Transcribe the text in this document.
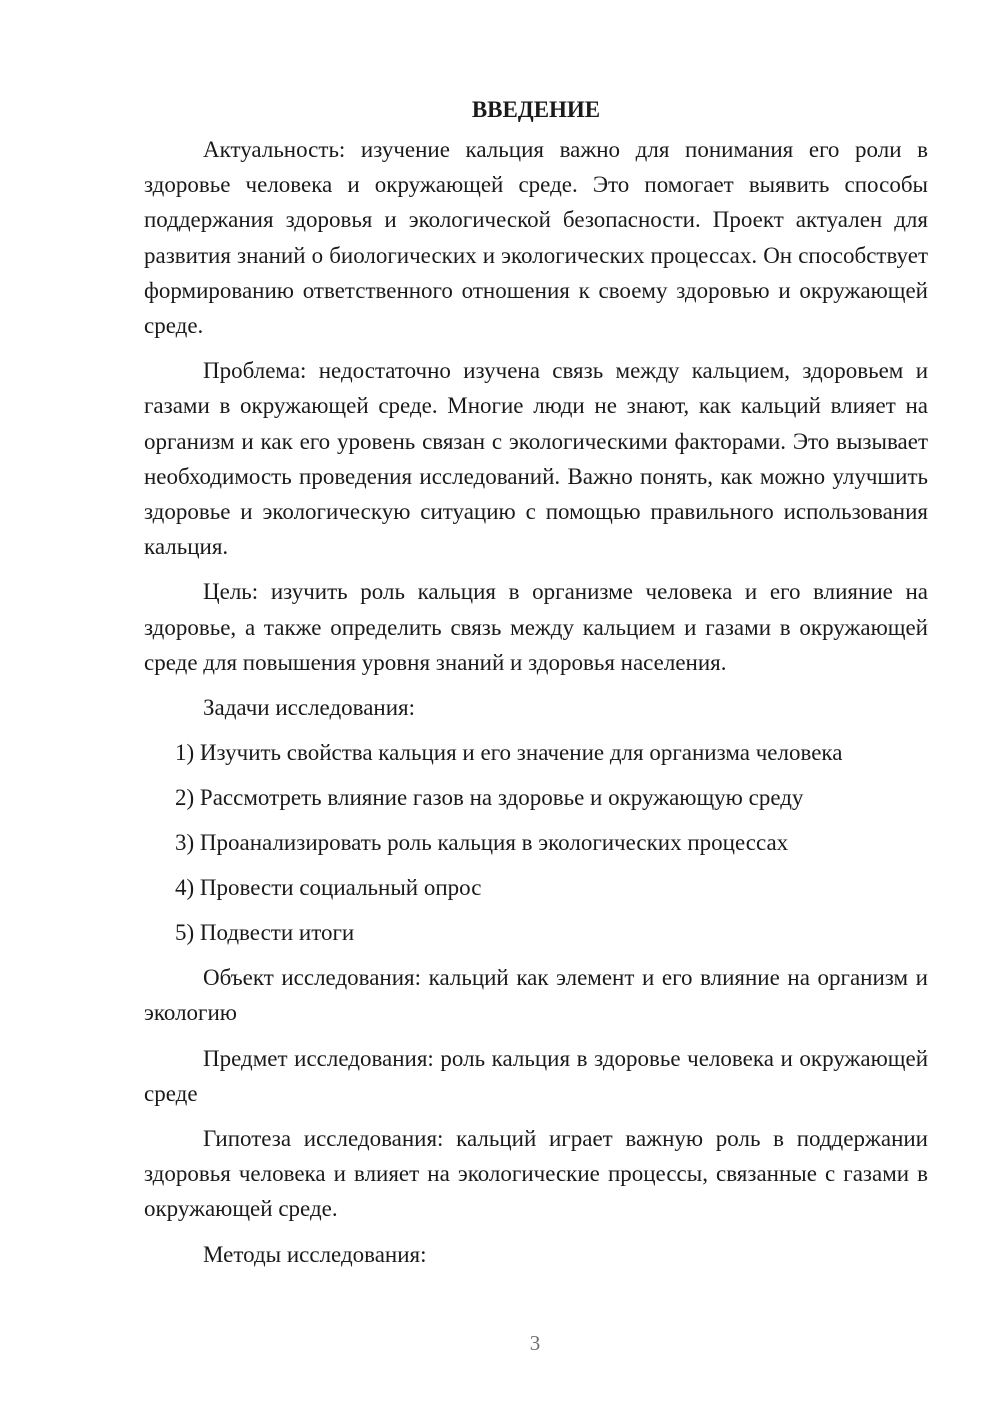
ВВЕДЕНИЕ

Актуальность: изучение кальция важно для понимания его роли в здоровье человека и окружающей среде. Это помогает выявить способы поддержания здоровья и экологической безопасности. Проект актуален для развития знаний о биологических и экологических процессах. Он способствует формированию ответственного отношения к своему здоровью и окружающей среде.

Проблема: недостаточно изучена связь между кальцием, здоровьем и газами в окружающей среде. Многие люди не знают, как кальций влияет на организм и как его уровень связан с экологическими факторами. Это вызывает необходимость проведения исследований. Важно понять, как можно улучшить здоровье и экологическую ситуацию с помощью правильного использования кальция.

Цель: изучить роль кальция в организме человека и его влияние на здоровье, а также определить связь между кальцием и газами в окружающей среде для повышения уровня знаний и здоровья населения.

Задачи исследования:

1) Изучить свойства кальция и его значение для организма человека
2) Рассмотреть влияние газов на здоровье и окружающую среду
3) Проанализировать роль кальция в экологических процессах
4) Провести социальный опрос
5) Подвести итоги

Объект исследования: кальций как элемент и его влияние на организм и экологию

Предмет исследования: роль кальция в здоровье человека и окружающей среде

Гипотеза исследования: кальций играет важную роль в поддержании здоровья человека и влияет на экологические процессы, связанные с газами в окружающей среде.

Методы исследования:

3
